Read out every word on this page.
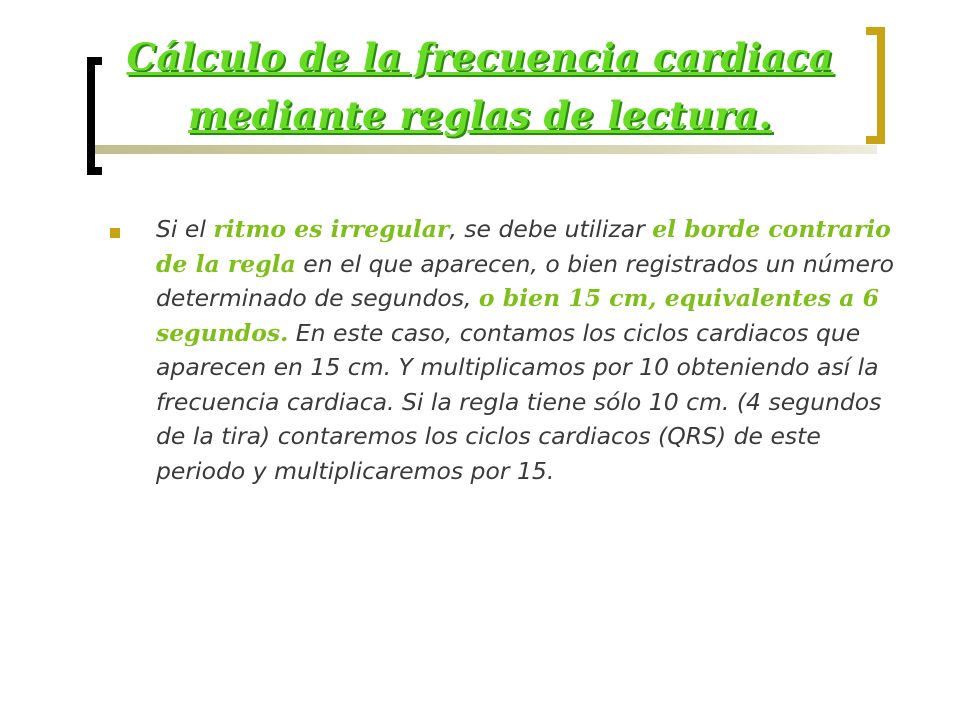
Cálculo de la frecuencia cardiaca
mediante reglas de lectura.
Si el ritmo es irregular, se debe utilizar el borde contrario de la regla en el que aparecen, o bien registrados un número determinado de segundos, o bien 15 cm, equivalentes a 6 segundos. En este caso, contamos los ciclos cardiacos que aparecen en 15 cm. Y multiplicamos por 10 obteniendo así la frecuencia cardiaca. Si la regla tiene sólo 10 cm. (4 segundos de la tira) contaremos los ciclos cardiacos (QRS) de este periodo y multiplicaremos por 15.
